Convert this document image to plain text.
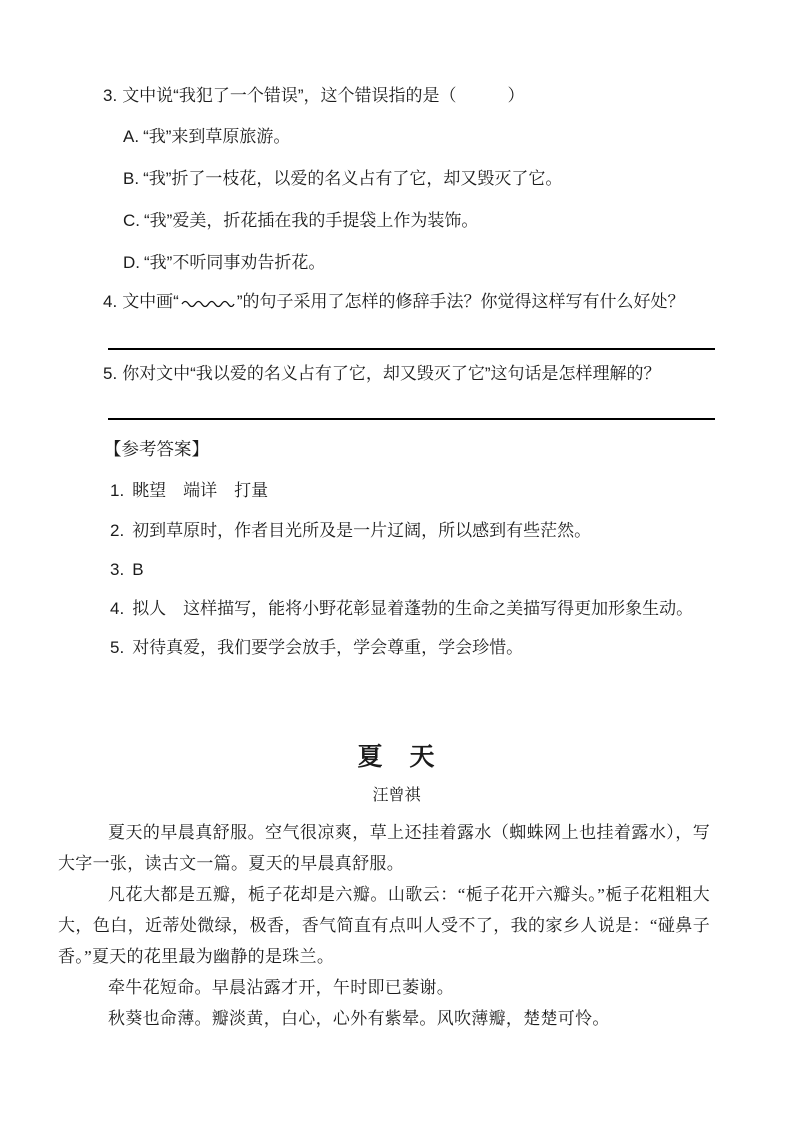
3. 文中说“我犯了一个错误”，这个错误指的是（　　　）
A. “我”来到草原旅游。
B. “我”折了一枝花，以爱的名义占有了它，却又毁灭了它。
C. “我”爱美，折花插在我的手提袋上作为装饰。
D. “我”不听同事劝告折花。
4. 文中画“	”的句子采用了怎样的修辞手法？你觉得这样写有什么好处？
5. 你对文中“我以爱的名义占有了它，却又毁灭了它”这句话是怎样理解的？
【参考答案】
1. 眺望　端详　打量
2. 初到草原时，作者目光所及是一片辽阔，所以感到有些茫然。
3. B
4. 拟人　这样描写，能将小野花彰显着蓬勃的生命之美描写得更加形象生动。
5. 对待真爱，我们要学会放手，学会尊重，学会珍惜。
夏　天
汪曾祺

夏天的早晨真舒服。空气很凉爽，草上还挂着露水（蜘蛛网上也挂着露水），写大字一张，读古文一篇。夏天的早晨真舒服。

凡花大都是五瓣，栀子花却是六瓣。山歌云：“栀子花开六瓣头。”栀子花粗粗大大，色白，近蒂处微绿，极香，香气简直有点叫人受不了，我的家乡人说是：“碰鼻子香。”夏天的花里最为幽静的是珠兰。

牵牛花短命。早晨沾露才开，午时即已萎谢。

秋葵也命薄。瓣淡黄，白心，心外有紫晕。风吹薄瓣，楚楚可怜。
